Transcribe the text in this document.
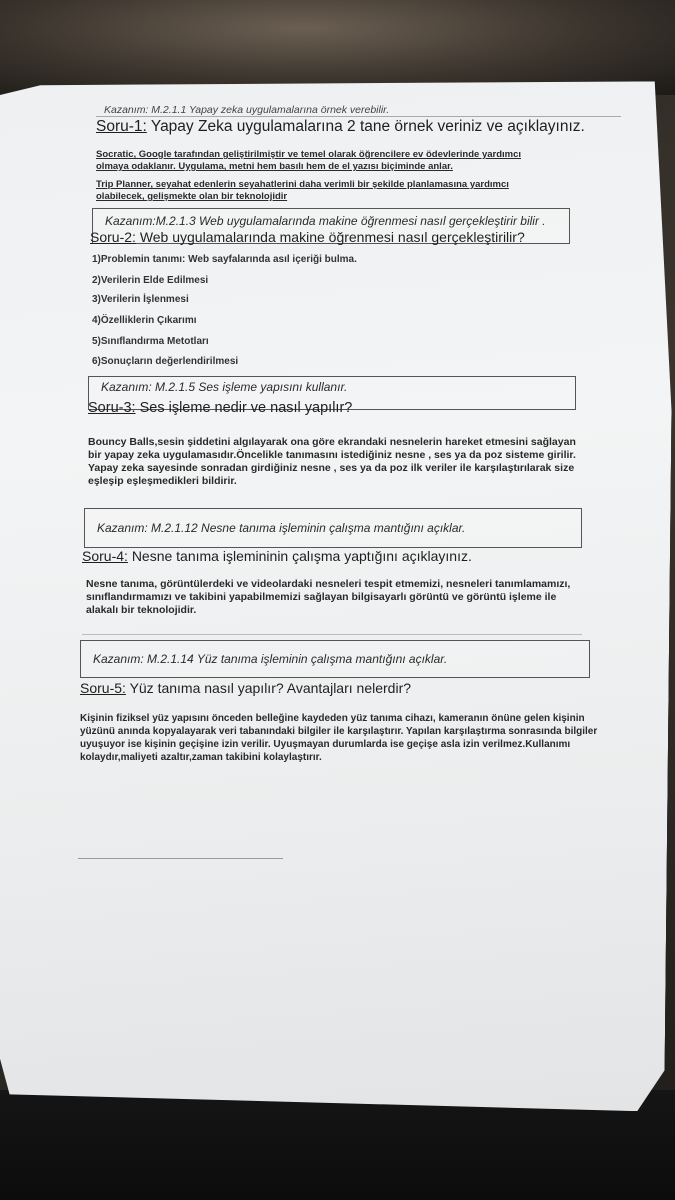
Kazanım: M.2.1.1 Yapay zeka uygulamalarına örnek verebilir.
Soru-1: Yapay Zeka uygulamalarına 2 tane örnek veriniz ve açıklayınız.
Socratic, Google tarafından geliştirilmiştir ve temel olarak öğrencilere ev ödevlerinde yardımcı
olmaya odaklanır. Uygulama, metni hem basılı hem de el yazısı biçiminde anlar.
Trip Planner, seyahat edenlerin seyahatlerini daha verimli bir şekilde planlamasına yardımcı
olabilecek, gelişmekte olan bir teknolojidir
Kazanım:M.2.1.3 Web uygulamalarında makine öğrenmesi nasıl gerçekleştirir bilir .
Soru-2: Web uygulamalarında makine öğrenmesi nasıl gerçekleştirilir?
1)Problemin tanımı: Web sayfalarında asıl içeriği bulma.
2)Verilerin Elde Edilmesi
3)Verilerin İşlenmesi
4)Özelliklerin Çıkarımı
5)Sınıflandırma Metotları
6)Sonuçların değerlendirilmesi
Kazanım: M.2.1.5 Ses işleme yapısını kullanır.
Soru-3: Ses işleme nedir ve nasıl yapılır?
Bouncy Balls,sesin şiddetini algılayarak ona göre ekrandaki nesnelerin hareket etmesini sağlayan
bir yapay zeka uygulamasıdır.Öncelikle tanımasını istediğiniz nesne , ses ya da poz sisteme girilir.
Yapay zeka sayesinde sonradan girdiğiniz nesne , ses ya da poz ilk veriler ile karşılaştırılarak size
eşleşip eşleşmedikleri bildirir.
Kazanım: M.2.1.12 Nesne tanıma işleminin çalışma mantığını açıklar.
Soru-4: Nesne tanıma işlemininin çalışma yaptığını açıklayınız.
Nesne tanıma, görüntülerdeki ve videolardaki nesneleri tespit etmemizi, nesneleri tanımlamamızı,
sınıflandırmamızı ve takibini yapabilmemizi sağlayan bilgisayarlı görüntü ve görüntü işleme ile
alakalı bir teknolojidir.
Kazanım: M.2.1.14 Yüz tanıma işleminin çalışma mantığını açıklar.
Soru-5: Yüz tanıma nasıl yapılır? Avantajları nelerdir?
Kişinin fiziksel yüz yapısını önceden belleğine kaydeden yüz tanıma cihazı, kameranın önüne gelen kişinin
yüzünü anında kopyalayarak veri tabanındaki bilgiler ile karşılaştırır. Yapılan karşılaştırma sonrasında bilgiler
uyuşuyor ise kişinin geçişine izin verilir. Uyuşmayan durumlarda ise geçişe asla izin verilmez.Kullanımı
kolaydır,maliyeti azaltır,zaman takibini kolaylaştırır.
